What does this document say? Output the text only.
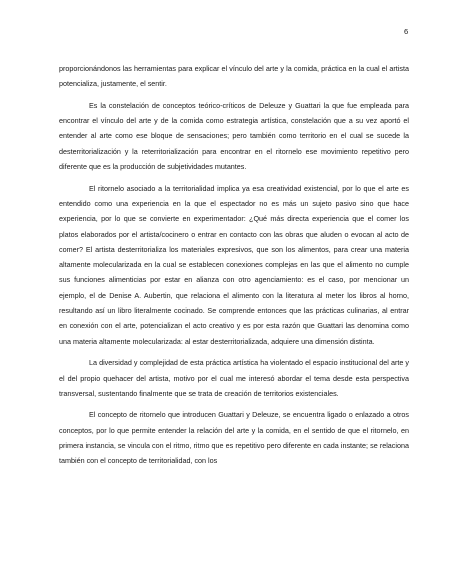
6

proporcionándonos las herramientas para explicar el vínculo del arte y la comida, práctica en la cual el artista potencializa, justamente, el sentir.

Es la constelación de conceptos teórico-críticos de Deleuze y Guattari la que fue empleada para encontrar el vínculo del arte y de la comida como estrategia artística, constelación que a su vez aportó el entender al arte como ese bloque de sensaciones; pero también como territorio en el cual se sucede la desterritorialización y la reterritorialización para encontrar en el ritornelo ese movimiento repetitivo pero diferente que es la producción de subjetividades mutantes.

El ritornelo asociado a la territorialidad implica ya esa creatividad existencial, por lo que el arte es entendido como una experiencia en la que el espectador no es más un sujeto pasivo sino que hace experiencia, por lo que se convierte en experimentador: ¿Qué más directa experiencia que el comer los platos elaborados por el artista/cocinero o entrar en contacto con las obras que aluden o evocan al acto de comer? El artista desterritorializa los materiales expresivos, que son los alimentos, para crear una materia altamente molecularizada en la cual se establecen conexiones complejas en las que el alimento no cumple sus funciones alimenticias por estar en alianza con otro agenciamiento: es el caso, por mencionar un ejemplo, el de Denise A. Aubertin, que relaciona el alimento con la literatura al meter los libros al horno, resultando así un libro literalmente cocinado. Se comprende entonces que las prácticas culinarias, al entrar en conexión con el arte, potencializan el acto creativo y es por esta razón que Guattari las denomina como una materia altamente molecularizada: al estar desterritorializada, adquiere una dimensión distinta.

La diversidad y complejidad de esta práctica artística ha violentado el espacio institucional del arte y el del propio quehacer del artista, motivo por el cual me interesó abordar el tema desde esta perspectiva transversal, sustentando finalmente que se trata de creación de territorios existenciales.

El concepto de ritornelo que introducen Guattari y Deleuze, se encuentra ligado o enlazado a otros conceptos, por lo que permite entender la relación del arte y la comida, en el sentido de que el ritornelo, en primera instancia, se vincula con el ritmo, ritmo que es repetitivo pero diferente en cada instante; se relaciona también con el concepto de territorialidad, con los
